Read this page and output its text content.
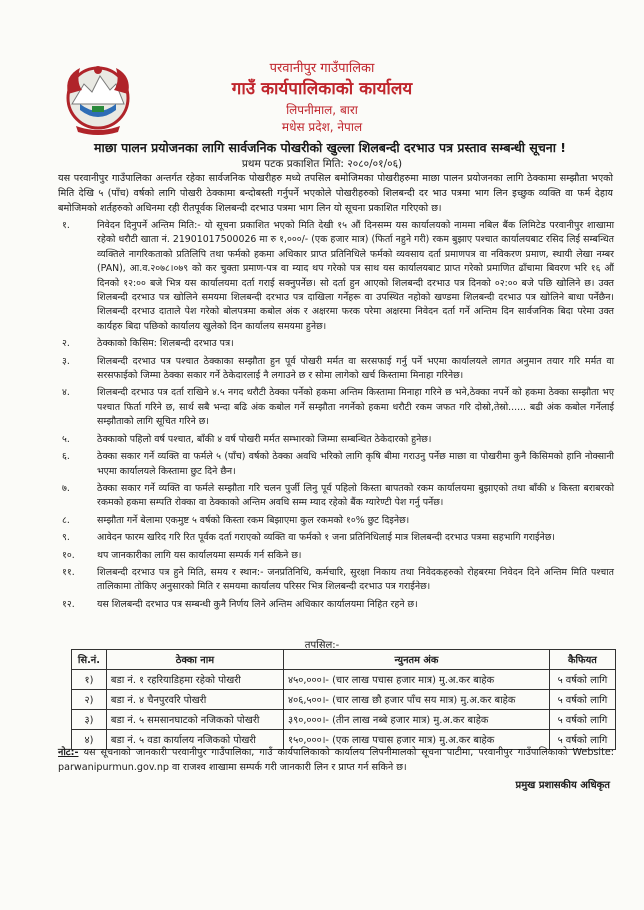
परवानीपुर गाउँपालिका
गाउँ कार्यपालिकाको कार्यालय
लिपनीमाल, बारा
मधेस प्रदेश, नेपाल
माछा पालन प्रयोजनका लागि सार्वजनिक पोखरीको खुल्ला शिलबन्दी दरभाउ पत्र प्रस्ताव सम्बन्धी सूचना !
प्रथम पटक प्रकाशित मिति: २०८०/०१/०६)
यस परवानीपुर गाउँपालिका अन्तर्गत रहेका सार्वजनिक पोखरीहरु मध्ये तपसिल बमोजिमका पोखरीहरुमा माछा पालन प्रयोजनका लागि ठेक्कामा सम्झौता भएको मिति देखि ५ (पाँच) वर्षको लागि पोखरी ठेक्कामा बन्दोबस्ती गर्नुपर्ने भएकोले पोखरीहरुको शिलबन्दी दर भाउ पत्रमा भाग लिन इच्छुक व्यक्ति वा फर्म देहाय बमोजिमको शर्तहरुको अधिनमा रही रीतपूर्वक शिलबन्दी दरभाउ पत्रमा भाग लिन यो सूचना प्रकाशित गरिएको छ।
१.	निवेदन दिनुपर्ने अन्तिम मिति:- यो सूचना प्रकाशित भएको मिति देखी १५ औं दिनसम्म यस कार्यालयको नाममा नबिल बैंक लिमिटेड परवानीपुर शाखामा रहेको धरौटी खाता नं. 21901017500026 मा रु १,०००/- (एक हजार मात्र) (फिर्ता नहुने गरी) रकम बुझाए पश्चात कार्यालयबाट रसिद लिई सम्बन्धित व्यक्तिले नागरिकताको प्रतिलिपि तथा फर्मको हकमा अधिकार प्राप्त प्रतिनिधिले फर्मको व्यवसाय दर्ता प्रमाणपत्र वा नविकरण प्रमाण, स्थायी लेखा नम्बर (PAN), आ.व.२०७८।०७९ को कर चुक्ता प्रमाण-पत्र वा म्याद थप गरेको पत्र साथ यस कार्यालयबाट प्राप्त गरेको प्रमाणित ढाँचामा बिवरण भरि १६ औं दिनको १२:०० बजे भित्र यस कार्यालयमा दर्ता गराई सक्नुपर्नेछ। सो दर्ता हुन आएको शिलबन्दी दरभाउ पत्र दिनको ०२:०० बजे पछि खोलिने छ। उक्त शिलबन्दी दरभाउ पत्र खोलिने समयमा शिलबन्दी दरभाउ पत्र दाखिला गर्नेहरू वा उपस्थित नहोको खण्डमा शिलबन्दी दरभाउ पत्र खोलिने बाधा पर्नेछैन। शिलबन्दी दरभाउ दाताले पेश गरेको बोलपत्रमा कबोल अंक र अक्षरमा फरक परेमा अक्षरमा निवेदन दर्ता गर्ने अन्तिम दिन सार्वजनिक बिदा परेमा उक्त कार्यहरु बिदा पछिको कार्यालय खुलेको दिन कार्यालय समयमा हुनेछ।
२.	ठेक्काको किसिम: शिलबन्दी दरभाउ पत्र।
३.	शिलबन्दी दरभाउ पत्र पश्चात ठेक्काका सम्झौता हुन पूर्व पोखरी मर्मत वा सरसफाई गर्नु पर्ने भएमा कार्यालयले लागत अनुमान तयार गरि मर्मत वा सरसफाईको जिम्मा ठेक्का सकार गर्ने ठेकेदारलाई नै लगाउने छ र सोमा लागेको खर्च किस्तामा मिनाहा गरिनेछ।
४.	शिलबन्दी दरभाउ पत्र दर्ता राखिने ४.५ नगद धरौटी ठेक्का पर्नेको हकमा अन्तिम किस्तामा मिनाहा गरिने छ भने,ठेक्का नपर्ने को हकमा ठेक्का सम्झौता भए पश्चात फिर्ता गरिने छ, सार्थ सबै भन्दा बढि अंक कबोल गर्ने सम्झौता नगर्नेको हकमा धरौटी रकम जफत गरि दोस्रो,तेस्रो...... बढी अंक कबोल गर्नेलाई सम्झौताको लागि सूचित गरिने छ।
५.	ठेक्काको पहिलो वर्ष पश्चात, बाँकी ४ वर्ष पोखरी मर्मत सम्भारको जिम्मा सम्बन्धित ठेकेदारको हुनेछ।
६.	ठेक्का सकार गर्ने व्यक्ति वा फर्मले ५ (पाँच) वर्षको ठेक्का अवधि भरिको लागि कृषि बीमा गराउनु पर्नेछ माछा वा पोखरीमा कुनै किसिमको हानि नोक्सानी भएमा कार्यालयले किस्तामा छुट दिने छैन।
७.	ठेक्का सकार गर्ने व्यक्ति वा फर्मले सम्झौता गरि चलन पुर्जी लिनु पूर्व पहिलो किस्ता बापतको रकम कार्यालयमा बुझाएको तथा बाँकी ४ किस्ता बराबरको रकमको हकमा सम्पति रोक्का वा ठेक्काको अन्तिम अवधि सम्म म्याद रहेको बैंक ग्यारेण्टी पेश गर्नु पर्नेछ।
८.	सम्झौता गर्ने बेलामा एकमुष्ट ५ वर्षको किस्ता रकम बिझाएमा कुल रकमको १०% छुट दिइनेछ।
९.	आवेदन फारम खरिद गरि रित पूर्वक दर्ता गराएको व्यक्ति वा फर्मको १ जना प्रतिनिधिलाई मात्र शिलबन्दी दरभाउ पत्रमा सहभागि गराईनेछ।
१०.	थप जानकारीका लागि यस कार्यालयमा सम्पर्क गर्न सकिने छ।
११.	शिलबन्दी दरभाउ पत्र हुने मिति, समय र स्थान:- जनप्रतिनिधि, कर्मचारि, सुरक्षा निकाय तथा निवेदकहरुको रोहबरमा निवेदन दिने अन्तिम मिति पश्चात तालिकामा तोकिए अनुसारको मिति र समयमा कार्यालय परिसर भित्र शिलबन्दी दरभाउ पत्र गराईनेछ।
१२.	यस शिलबन्दी दरभाउ पत्र सम्बन्धी कुनै निर्णय लिने अन्तिम अधिकार कार्यालयमा निहित रहने छ।
तपसिल:-
सि.नं.	ठेक्का नाम	न्युनतम अंक	कैफियत
१)	बडा नं. १ रहरियाडिहमा रहेको पोखरी	४५०,०००।- (चार लाख पचास हजार मात्र) मु.अ.कर बाहेक	५ वर्षको लागि
२)	बडा नं. ४ चैनपुरवरि पोखरी	४०६,५००।- (चार लाख छौ हजार पाँच सय मात्र) मु.अ.कर बाहेक	५ वर्षको लागि
३)	बडा नं. ५ समसानघाटको नजिकको पोखरी	३९०,०००।- (तीन लाख नब्बे हजार मात्र) मु.अ.कर बाहेक	५ वर्षको लागि
४)	बडा नं. ५ वडा कार्यालय नजिकको पोखरी	१५०,०००।- (एक लाख पचास हजार मात्र) मु.अ.कर बाहेक	५ वर्षको लागि
नोट:- यस सूचनाको जानकारी परवानीपुर गाउँपालिका, गाउँ कार्यपालिकाको कार्यालय लिपनीमालको सूचना पाटीमा, परवानीपुर गाउँपालिकाको Website: parwanipurmun.gov.np वा राजश्व शाखामा सम्पर्क गरी जानकारी लिन र प्राप्त गर्न सकिने छ।
प्रमुख प्रशासकीय अधिकृत
